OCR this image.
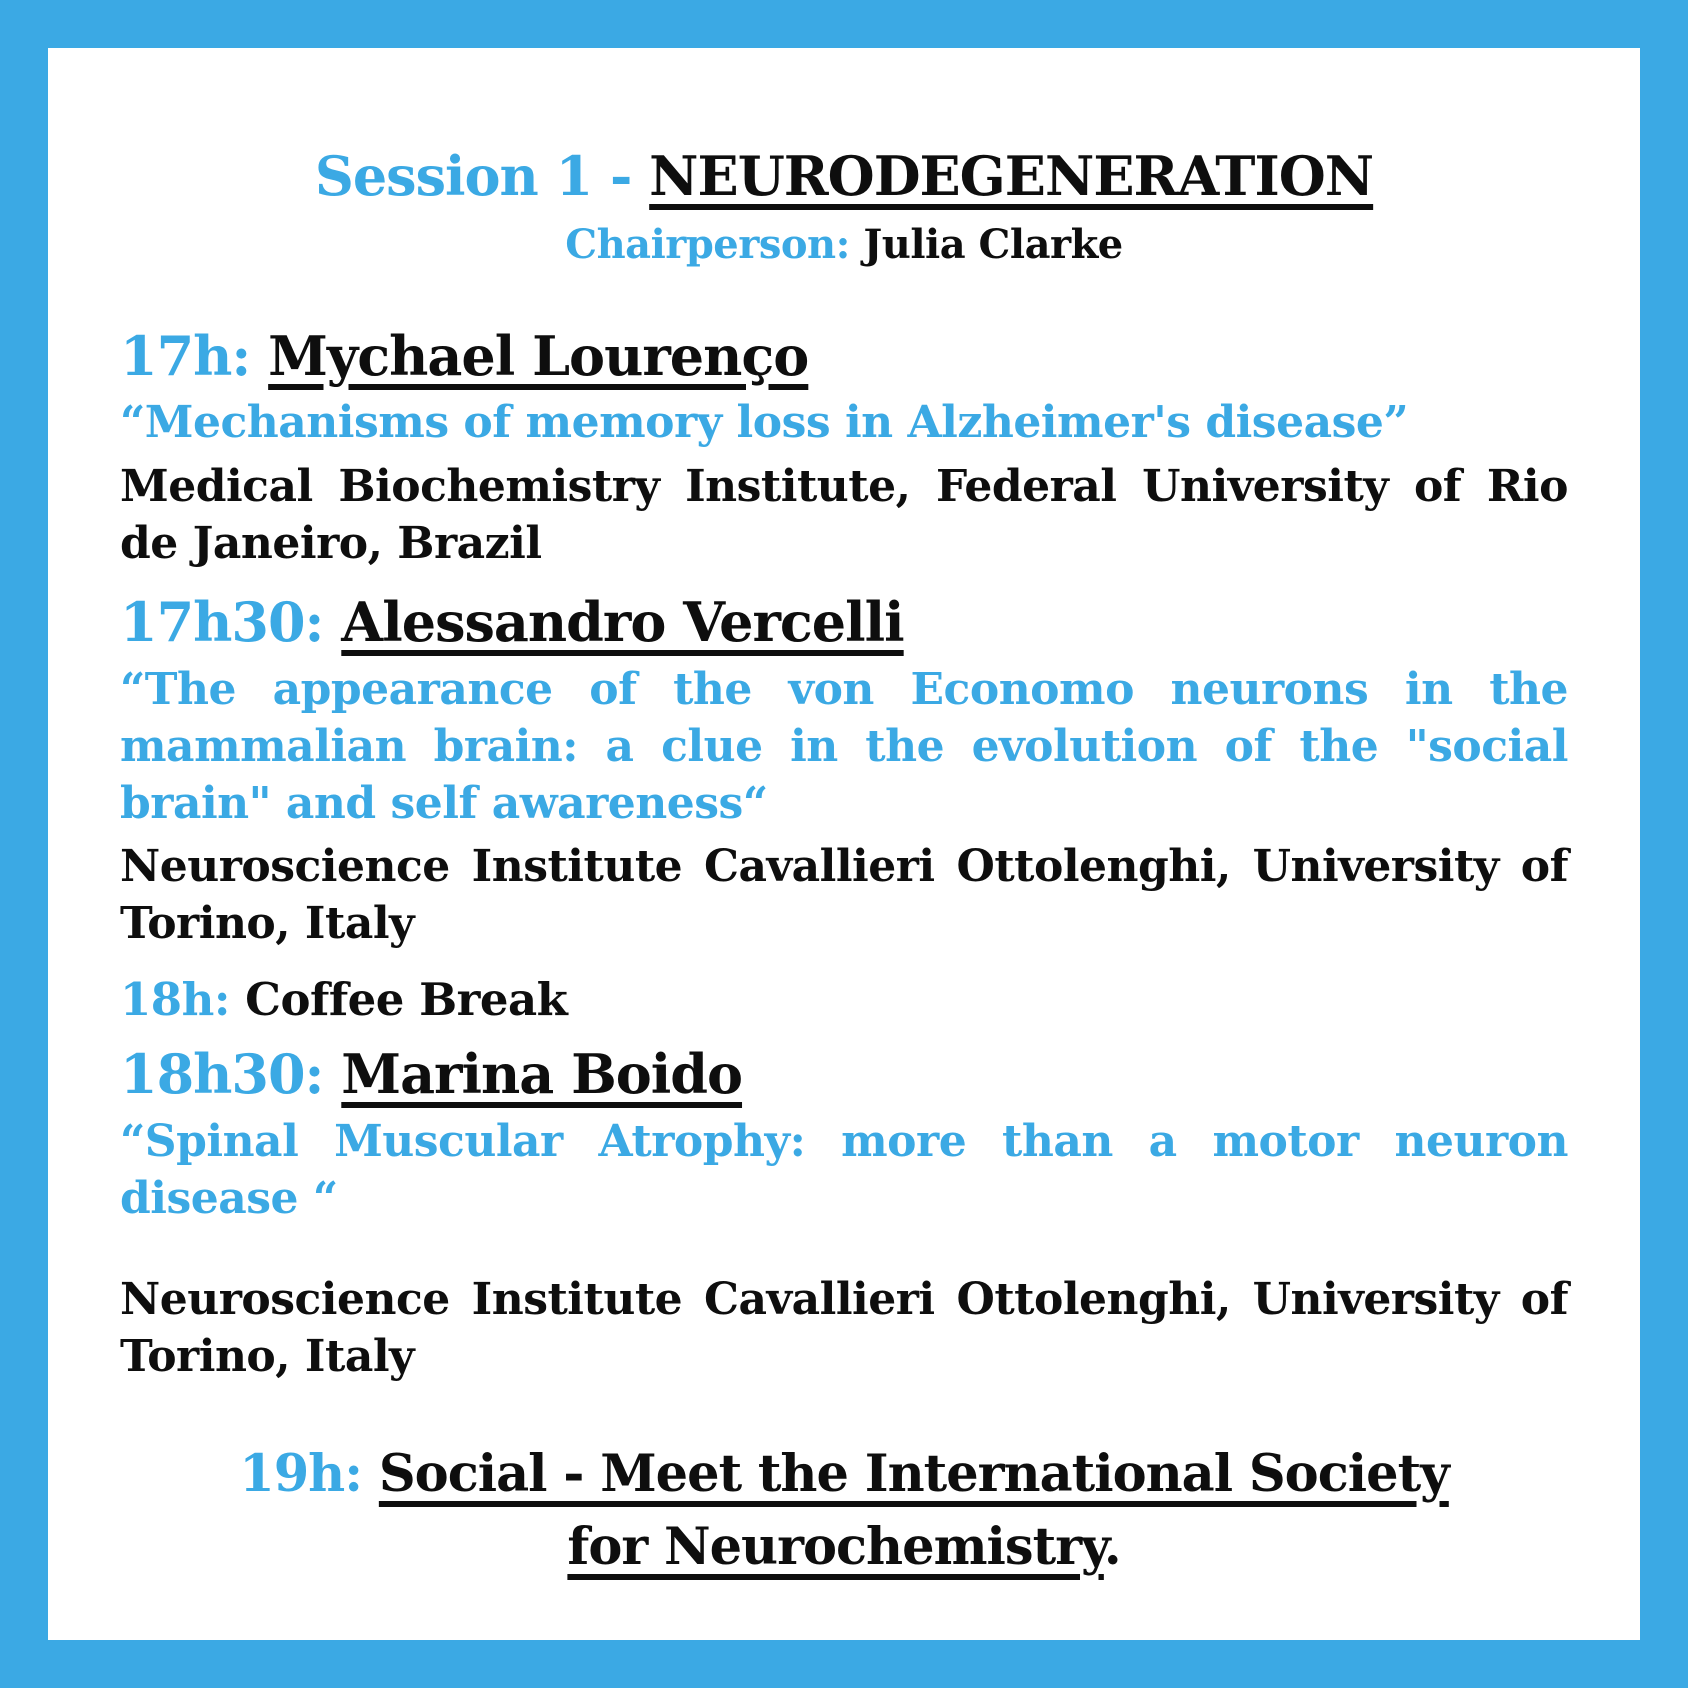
Session 1 - NEURODEGENERATION
Chairperson: Julia Clarke
17h: Mychael Lourenço

“Mechanisms of memory loss in Alzheimer's disease”

Medical Biochemistry Institute, Federal University of Rio de Janeiro, Brazil

17h30: Alessandro Vercelli

“The appearance of the von Economo neurons in the mammalian brain: a clue in the evolution of the "social brain" and self awareness“

Neuroscience Institute Cavallieri Ottolenghi, University of Torino, Italy

18h: Coffee Break
18h30: Marina Boido

“Spinal Muscular Atrophy: more than a motor neuron disease “

Neuroscience Institute Cavallieri Ottolenghi, University of Torino, Italy

19h: Social - Meet the International Society for Neurochemistry.
